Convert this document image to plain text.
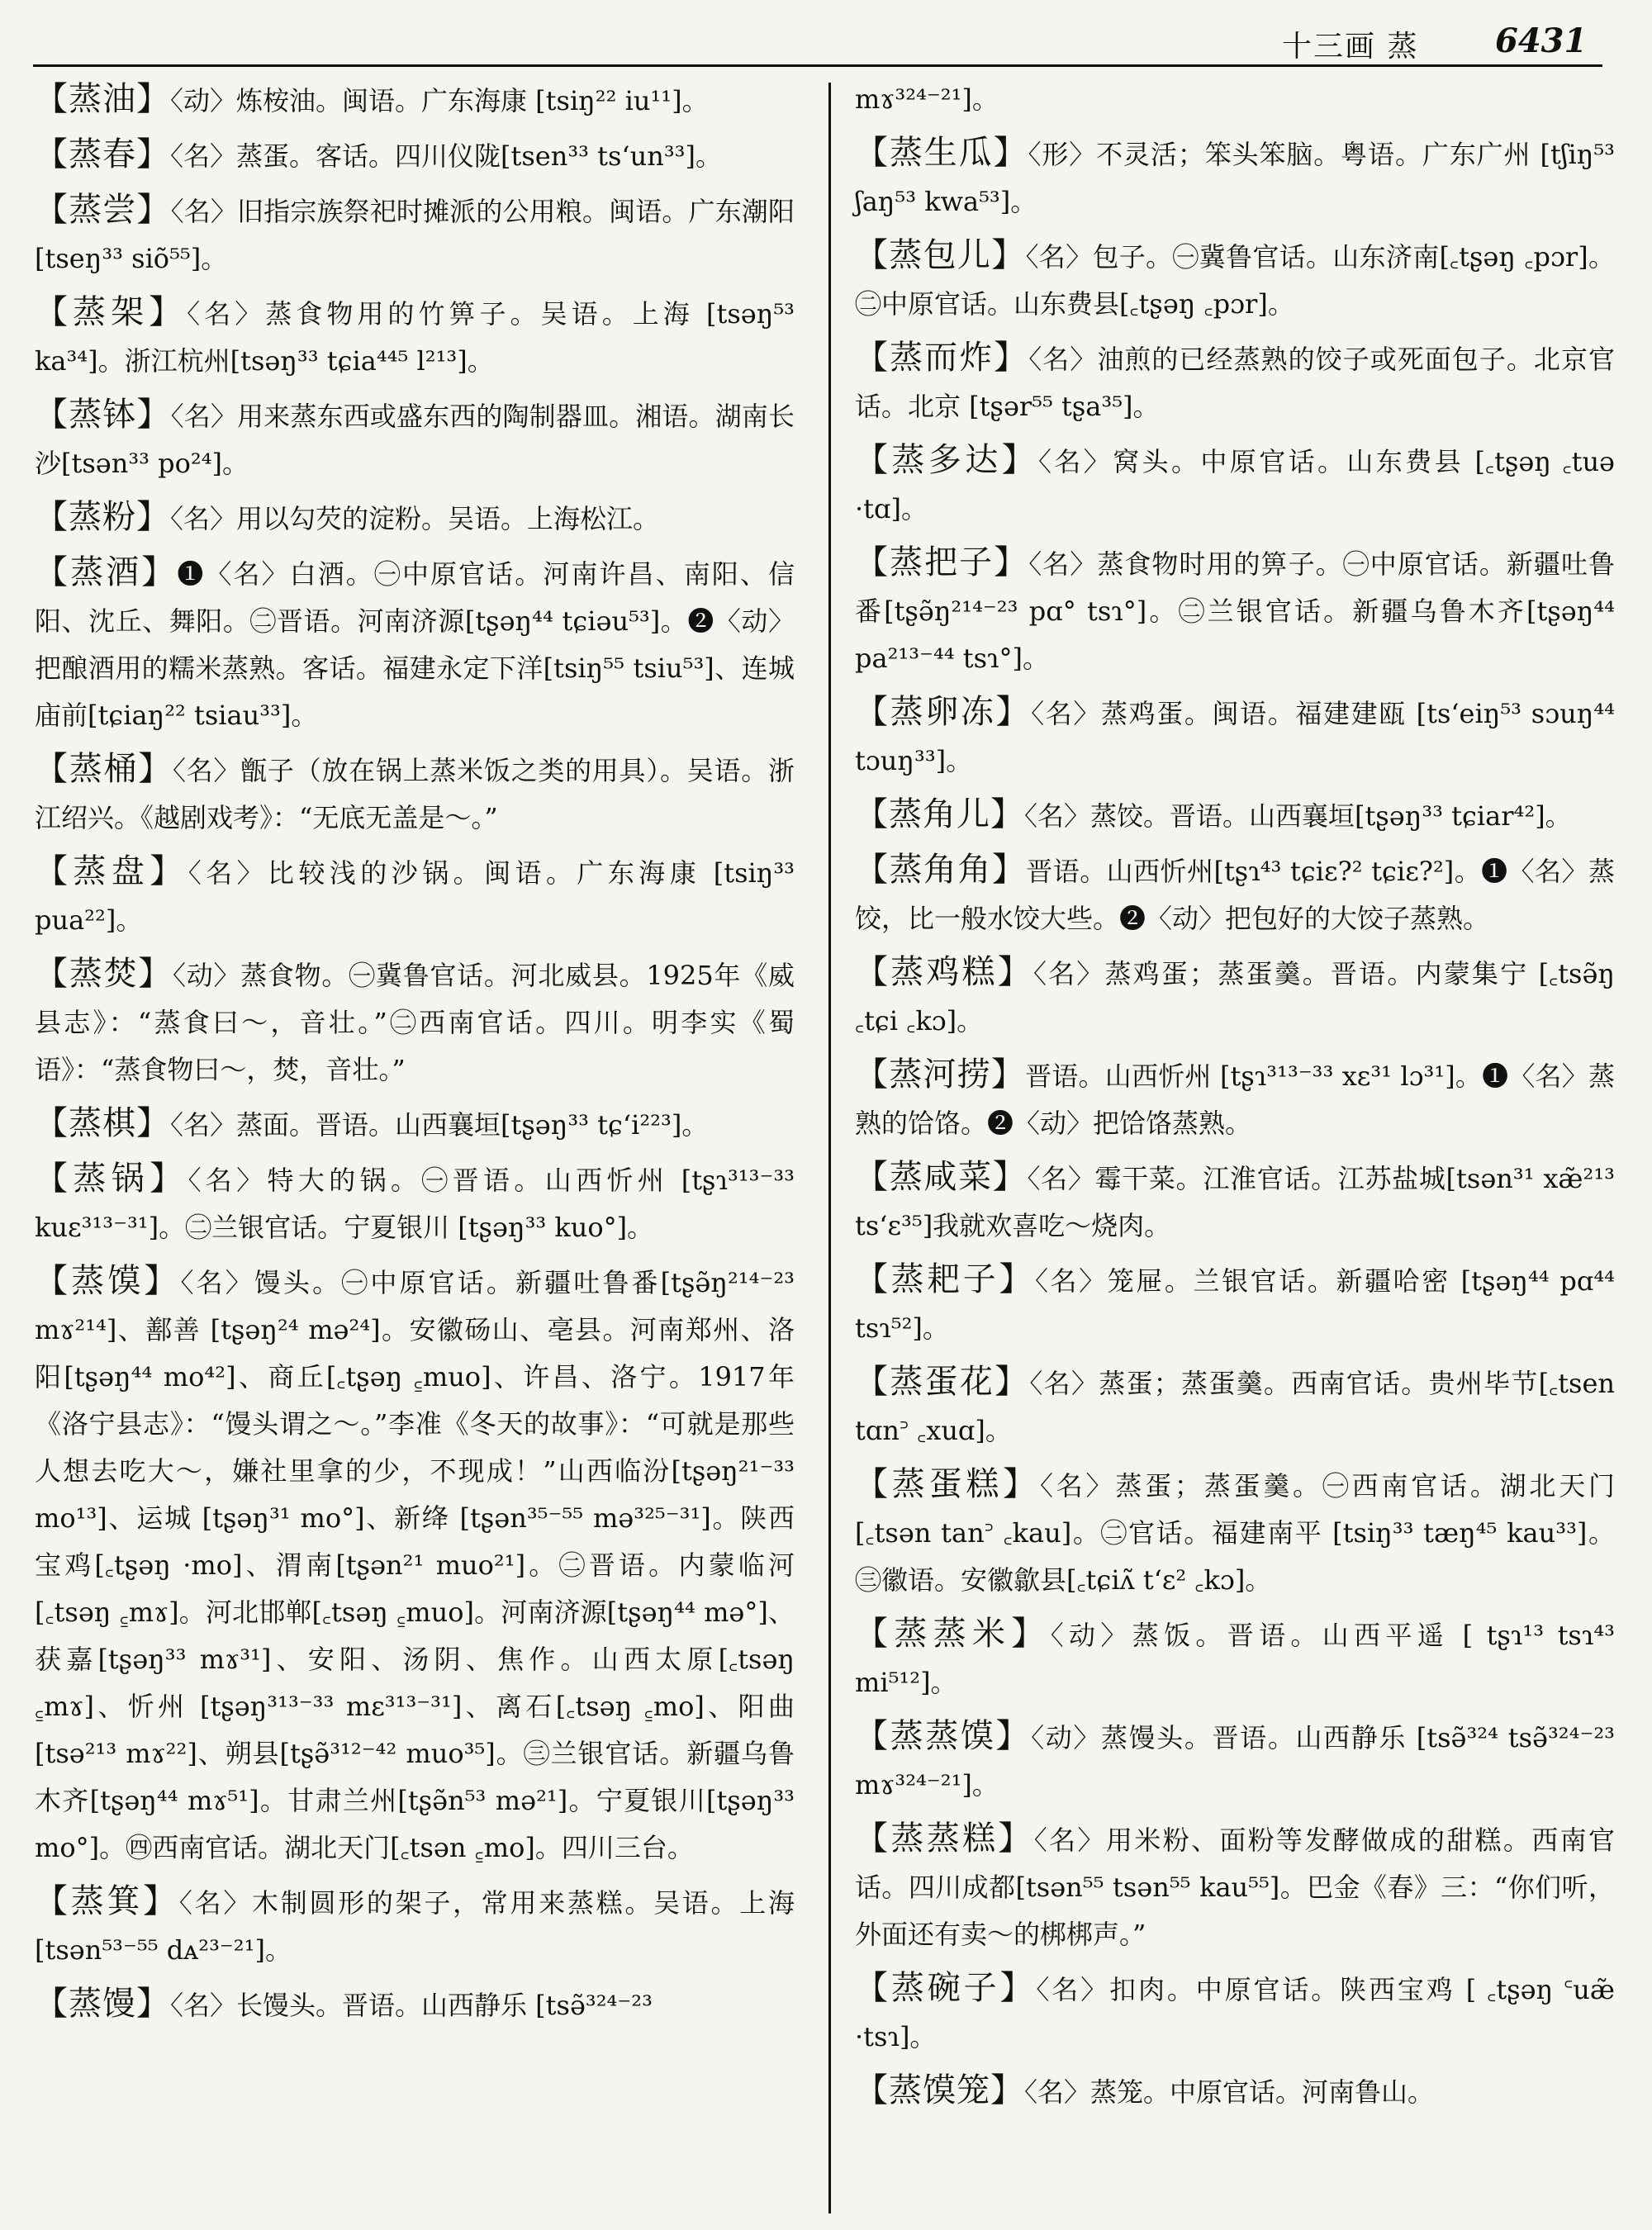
十三画 蒸 6431
【蒸油】〈动〉炼桉油。闽语。广东海康 [tsiŋ²² iu¹¹]。
【蒸春】〈名〉蒸蛋。客话。四川仪陇[tsen³³ tsʻun³³]。
【蒸尝】〈名〉旧指宗族祭祀时摊派的公用粮。闽语。广东潮阳[tseŋ³³ siõ⁵⁵]。
【蒸架】〈名〉蒸食物用的竹箅子。吴语。上海 [tsəŋ⁵³ ka³⁴]。浙江杭州[tsəŋ³³ tɕia⁴⁴⁵ l²¹³]。
【蒸钵】〈名〉用来蒸东西或盛东西的陶制器皿。湘语。湖南长沙[tsən³³ po²⁴]。
【蒸粉】〈名〉用以勾芡的淀粉。吴语。上海松江。
【蒸酒】❶〈名〉白酒。㊀中原官话。河南许昌、南阳、信阳、沈丘、舞阳。㊁晋语。河南济源[tʂəŋ⁴⁴ tɕiəu⁵³]。❷〈动〉把酿酒用的糯米蒸熟。客话。福建永定下洋[tsiŋ⁵⁵ tsiu⁵³]、连城庙前[tɕiaŋ²² tsiau³³]。
【蒸桶】〈名〉甑子（放在锅上蒸米饭之类的用具）。吴语。浙江绍兴。《越剧戏考》：“无底无盖是～。”
【蒸盘】〈名〉比较浅的沙锅。闽语。广东海康 [tsiŋ³³ pua²²]。
【蒸焚】〈动〉蒸食物。㊀冀鲁官话。河北威县。1925年《威县志》：“蒸食曰～，音壮。”㊁西南官话。四川。明李实《蜀语》：“蒸食物曰～，焚，音壮。”
【蒸棋】〈名〉蒸面。晋语。山西襄垣[tʂəŋ³³ tɕʻi²²³]。
【蒸锅】〈名〉特大的锅。㊀晋语。山西忻州 [tʂɿ³¹³⁻³³ kuɛ³¹³⁻³¹]。㊁兰银官话。宁夏银川 [tʂəŋ³³ kuo°]。
【蒸馍】〈名〉馒头。㊀中原官话。新疆吐鲁番[tʂə̃ŋ²¹⁴⁻²³ mɤ²¹⁴]、鄯善 [tʂəŋ²⁴ mə²⁴]。安徽砀山、亳县。河南郑州、洛阳[tʂəŋ⁴⁴ mo⁴²]、商丘[꜀tʂəŋ ꜁muo]、许昌、洛宁。1917年《洛宁县志》：“馒头谓之～。”李准《冬天的故事》：“可就是那些人想去吃大～，嫌社里拿的少，不现成！”山西临汾[tʂəŋ²¹⁻³³ mo¹³]、运城 [tʂəŋ³¹ mo°]、新绛 [tʂən³⁵⁻⁵⁵ mə³²⁵⁻³¹]。陕西宝鸡[꜀tʂəŋ ·mo]、渭南[tʂən²¹ muo²¹]。㊁晋语。内蒙临河[꜀tsəŋ ꜁mɤ]。河北邯郸[꜀tsəŋ ꜁muo]。河南济源[tʂəŋ⁴⁴ mə°]、获嘉[tʂəŋ³³ mɤ³¹]、安阳、汤阴、焦作。山西太原[꜀tsəŋ ꜁mɤ]、忻州 [tʂəŋ³¹³⁻³³ mɛ³¹³⁻³¹]、离石[꜀tsəŋ ꜁mo]、阳曲[tsə²¹³ mɤ²²]、朔县[tʂə̃³¹²⁻⁴² muo³⁵]。㊂兰银官话。新疆乌鲁木齐[tʂəŋ⁴⁴ mɤ⁵¹]。甘肃兰州[tʂə̃n⁵³ mə²¹]。宁夏银川[tʂəŋ³³ mo°]。㊃西南官话。湖北天门[꜀tsən ꜁mo]。四川三台。
【蒸箕】〈名〉木制圆形的架子，常用来蒸糕。吴语。上海[tsən⁵³⁻⁵⁵ dᴀ²³⁻²¹]。
【蒸馒】〈名〉长馒头。晋语。山西静乐 [tsə̃³²⁴⁻²³
mɤ³²⁴⁻²¹]。
【蒸生瓜】〈形〉不灵活；笨头笨脑。粤语。广东广州 [tʃiŋ⁵³ ʃaŋ⁵³ kwa⁵³]。
【蒸包儿】〈名〉包子。㊀冀鲁官话。山东济南[꜀tʂəŋ ꜀pɔr]。㊁中原官话。山东费县[꜀tʂəŋ ꜀pɔr]。
【蒸而炸】〈名〉油煎的已经蒸熟的饺子或死面包子。北京官话。北京 [tʂər⁵⁵ tʂa³⁵]。
【蒸多达】〈名〉窝头。中原官话。山东费县 [꜀tʂəŋ ꜀tuə ·tɑ]。
【蒸把子】〈名〉蒸食物时用的箅子。㊀中原官话。新疆吐鲁番[tʂə̃ŋ²¹⁴⁻²³ pɑ° tsɿ°]。㊁兰银官话。新疆乌鲁木齐[tʂəŋ⁴⁴ pa²¹³⁻⁴⁴ tsɿ°]。
【蒸卵冻】〈名〉蒸鸡蛋。闽语。福建建瓯 [tsʻeiŋ⁵³ sɔuŋ⁴⁴ tɔuŋ³³]。
【蒸角儿】〈名〉蒸饺。晋语。山西襄垣[tʂəŋ³³ tɕiar⁴²]。
【蒸角角】晋语。山西忻州[tʂɿ⁴³ tɕiɛ?² tɕiɛ?²]。❶〈名〉蒸饺，比一般水饺大些。❷〈动〉把包好的大饺子蒸熟。
【蒸鸡糕】〈名〉蒸鸡蛋；蒸蛋羹。晋语。内蒙集宁 [꜀tsə̃ŋ ꜀tɕi ꜀kɔ]。
【蒸河捞】晋语。山西忻州 [tʂɿ³¹³⁻³³ xɛ³¹ lɔ³¹]。❶〈名〉蒸熟的饸饹。❷〈动〉把饸饹蒸熟。
【蒸咸菜】〈名〉霉干菜。江淮官话。江苏盐城[tsən³¹ xæ̃²¹³ tsʻɛ³⁵]我就欢喜吃～烧肉。
【蒸耙子】〈名〉笼屉。兰银官话。新疆哈密 [tʂəŋ⁴⁴ pɑ⁴⁴ tsɿ⁵²]。
【蒸蛋花】〈名〉蒸蛋；蒸蛋羹。西南官话。贵州毕节[꜀tsen tɑn꜄ ꜀xuɑ]。
【蒸蛋糕】〈名〉蒸蛋；蒸蛋羹。㊀西南官话。湖北天门[꜀tsən tan꜄ ꜀kau]。㊁官话。福建南平 [tsiŋ³³ tæŋ⁴⁵ kau³³]。㊂徽语。安徽歙县[꜀tɕiʌ̃ tʻɛ² ꜀kɔ]。
【蒸蒸米】〈动〉蒸饭。晋语。山西平遥 [ tʂɿ¹³ tsɿ⁴³ mi⁵¹²]。
【蒸蒸馍】〈动〉蒸馒头。晋语。山西静乐 [tsə̃³²⁴ tsə̃³²⁴⁻²³ mɤ³²⁴⁻²¹]。
【蒸蒸糕】〈名〉用米粉、面粉等发酵做成的甜糕。西南官话。四川成都[tsən⁵⁵ tsən⁵⁵ kau⁵⁵]。巴金《春》三：“你们听，外面还有卖～的梆梆声。”
【蒸碗子】〈名〉扣肉。中原官话。陕西宝鸡 [ ꜀tʂəŋ ꜂uæ̃ ·tsɿ]。
【蒸馍笼】〈名〉蒸笼。中原官话。河南鲁山。
